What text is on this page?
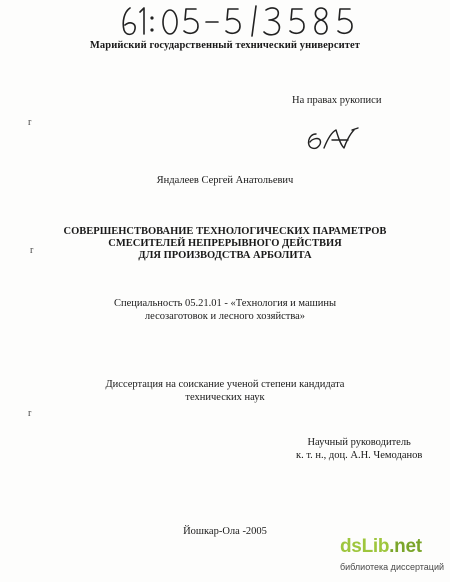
Марийский государственный технический университет
На правах рукописи
r
r
r
Яндалеев Сергей Анатольевич
СОВЕРШЕНСТВОВАНИЕ ТЕХНОЛОГИЧЕСКИХ ПАРАМЕТРОВ
СМЕСИТЕЛЕЙ НЕПРЕРЫВНОГО ДЕЙСТВИЯ
ДЛЯ ПРОИЗВОДСТВА АРБОЛИТА
Специальность 05.21.01 - «Технология и машины
лесозаготовок и лесного хозяйства»
Диссертация на соискание ученой степени кандидата
технических наук
Научный руководитель
к. т. н., доц. А.Н. Чемоданов
Йошкар-Ола -2005
dsLib.net
библиотека диссертаций
